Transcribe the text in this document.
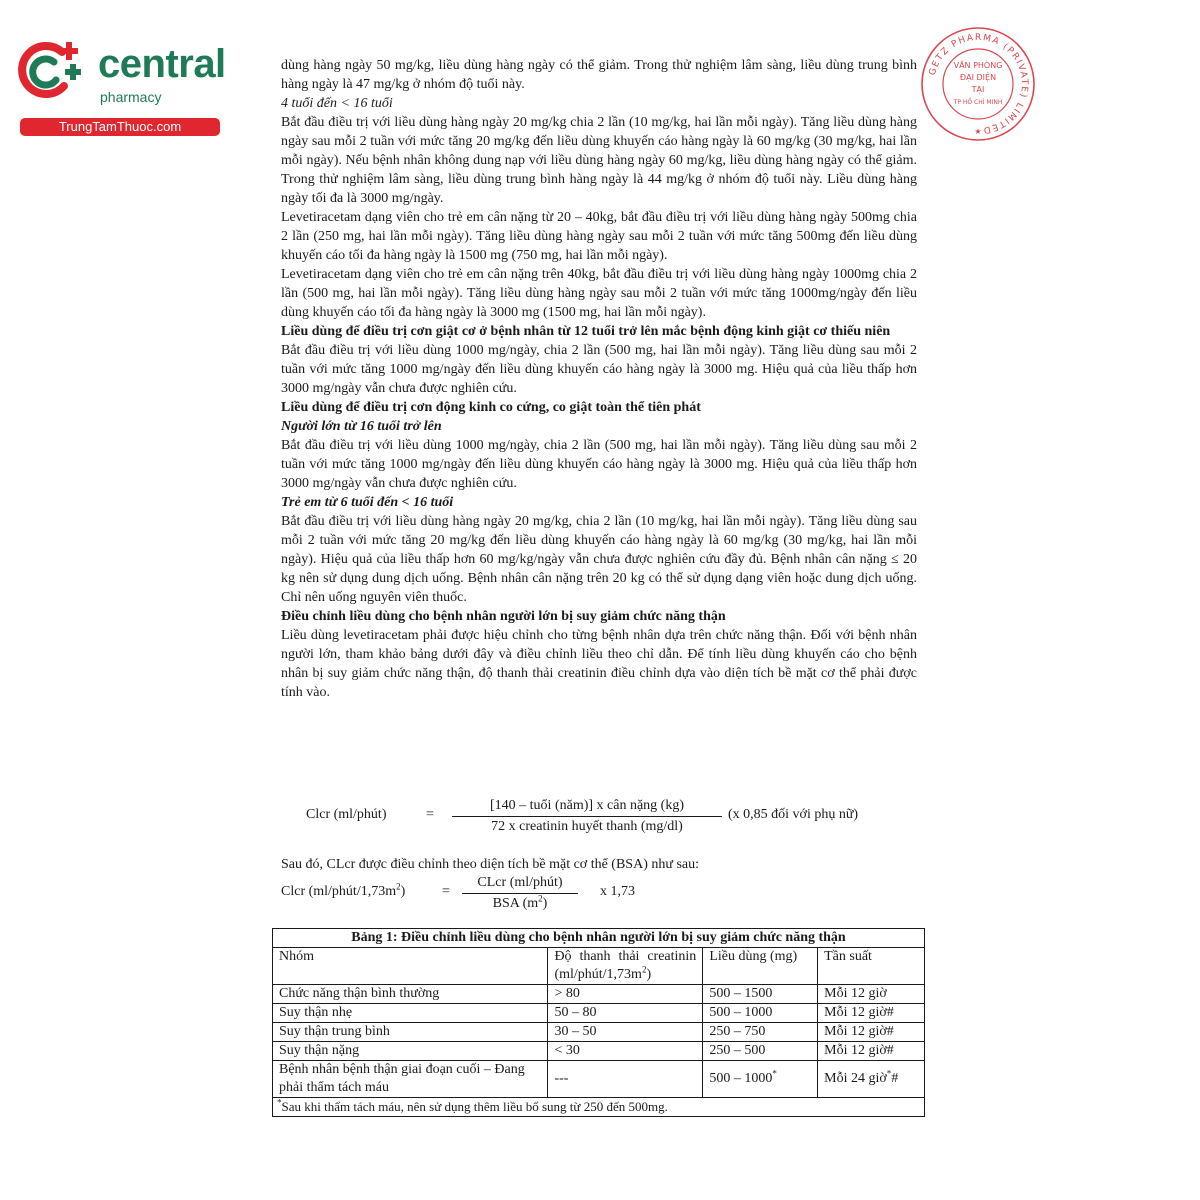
central
pharmacy
TrungTamThuoc.com
GETZ PHARMA (PRIVATE) LIMITED
VĂN PHÒNG
ĐẠI DIỆN
TẠI
TP HỒ CHÍ MINH
★

dùng hàng ngày 50 mg/kg, liều dùng hàng ngày có thể giảm. Trong thử nghiệm lâm sàng, liều dùng trung bình hàng ngày là 47 mg/kg ở nhóm độ tuổi này.

4 tuổi đến < 16 tuổi

Bắt đầu điều trị với liều dùng hàng ngày 20 mg/kg chia 2 lần (10 mg/kg, hai lần mỗi ngày). Tăng liều dùng hàng ngày sau mỗi 2 tuần với mức tăng 20 mg/kg đến liều dùng khuyến cáo hàng ngày là 60 mg/kg (30 mg/kg, hai lần mỗi ngày). Nếu bệnh nhân không dung nạp với liều dùng hàng ngày 60 mg/kg, liều dùng hàng ngày có thể giảm. Trong thử nghiệm lâm sàng, liều dùng trung bình hàng ngày là 44 mg/kg ở nhóm độ tuổi này. Liều dùng hàng ngày tối đa là 3000 mg/ngày.

Levetiracetam dạng viên cho trẻ em cân nặng từ 20 – 40kg, bắt đầu điều trị với liều dùng hàng ngày 500mg chia 2 lần (250 mg, hai lần mỗi ngày). Tăng liều dùng hàng ngày sau mỗi 2 tuần với mức tăng 500mg đến liều dùng khuyến cáo tối đa hàng ngày là 1500 mg (750 mg, hai lần mỗi ngày).

Levetiracetam dạng viên cho trẻ em cân nặng trên 40kg, bắt đầu điều trị với liều dùng hàng ngày 1000mg chia 2 lần (500 mg, hai lần mỗi ngày). Tăng liều dùng hàng ngày sau mỗi 2 tuần với mức tăng 1000mg/ngày đến liều dùng khuyến cáo tối đa hàng ngày là 3000 mg (1500 mg, hai lần mỗi ngày).

Liều dùng để điều trị cơn giật cơ ở bệnh nhân từ 12 tuổi trở lên mắc bệnh động kinh giật cơ thiếu niên

Bắt đầu điều trị với liều dùng 1000 mg/ngày, chia 2 lần (500 mg, hai lần mỗi ngày). Tăng liều dùng sau mỗi 2 tuần với mức tăng 1000 mg/ngày đến liều dùng khuyến cáo hàng ngày là 3000 mg. Hiệu quả của liều thấp hơn 3000 mg/ngày vẫn chưa được nghiên cứu.

Liều dùng để điều trị cơn động kinh co cứng, co giật toàn thể tiên phát

Người lớn từ 16 tuổi trở lên

Bắt đầu điều trị với liều dùng 1000 mg/ngày, chia 2 lần (500 mg, hai lần mỗi ngày). Tăng liều dùng sau mỗi 2 tuần với mức tăng 1000 mg/ngày đến liều dùng khuyến cáo hàng ngày là 3000 mg. Hiệu quả của liều thấp hơn 3000 mg/ngày vẫn chưa được nghiên cứu.

Trẻ em từ 6 tuổi đến < 16 tuổi

Bắt đầu điều trị với liều dùng hàng ngày 20 mg/kg, chia 2 lần (10 mg/kg, hai lần mỗi ngày). Tăng liều dùng sau mỗi 2 tuần với mức tăng 20 mg/kg đến liều dùng khuyến cáo hàng ngày là 60 mg/kg (30 mg/kg, hai lần mỗi ngày). Hiệu quả của liều thấp hơn 60 mg/kg/ngày vẫn chưa được nghiên cứu đầy đủ. Bệnh nhân cân nặng ≤ 20 kg nên sử dụng dung dịch uống. Bệnh nhân cân nặng trên 20 kg có thể sử dụng dạng viên hoặc dung dịch uống. Chỉ nên uống nguyên viên thuốc.

Điều chỉnh liều dùng cho bệnh nhân người lớn bị suy giảm chức năng thận

Liều dùng levetiracetam phải được hiệu chỉnh cho từng bệnh nhân dựa trên chức năng thận. Đối với bệnh nhân người lớn, tham khảo bảng dưới đây và điều chỉnh liều theo chỉ dẫn. Để tính liều dùng khuyến cáo cho bệnh nhân bị suy giảm chức năng thận, độ thanh thải creatinin điều chỉnh dựa vào diện tích bề mặt cơ thể phải được tính vào.

Clcr (ml/phút)	=
[140 – tuổi (năm)] x cân nặng (kg)
72 x creatinin huyết thanh (mg/dl)
(x 0,85 đối với phụ nữ)

Sau đó, CLcr được điều chỉnh theo diện tích bề mặt cơ thể (BSA) như sau:

Clcr $(ml/phút/1,73m^2)$	=
CLcr (ml/phút)
BSA $(m^2)$
x 1,73
Bảng 1: Điều chỉnh liều dùng cho bệnh nhân người lớn bị suy giảm chức năng thận			
Nhóm	Độ thanh thải creatinin $(ml/phút/1,73m^2)$	Liều dùng (mg)	Tần suất
Chức năng thận bình thường	> 80	500 – 1500	Mỗi 12 giờ
Suy thận nhẹ	50 – 80	500 – 1000	Mỗi 12 giờ#
Suy thận trung bình	30 – 50	250 – 750	Mỗi 12 giờ#
Suy thận nặng	< 30	250 – 500	Mỗi 12 giờ#
Bệnh nhân bệnh thận giai đoạn cuối – Đang phải thẩm tách máu	---	500 – 1000*	Mỗi 24 giờ*#
*Sau khi thẩm tách máu, nên sử dụng thêm liều bổ sung từ 250 đến 500mg.			
